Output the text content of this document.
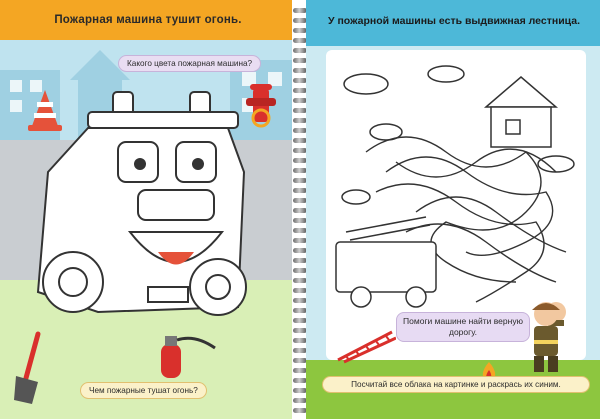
Пожарная машина тушит огонь.
Какого цвета пожарная машина?
Чем пожарные тушат огонь?
У пожарной машины есть выдвижная лестница.
Помоги машине найти верную дорогу.
Посчитай все облака на картинке и раскрась их синим.
